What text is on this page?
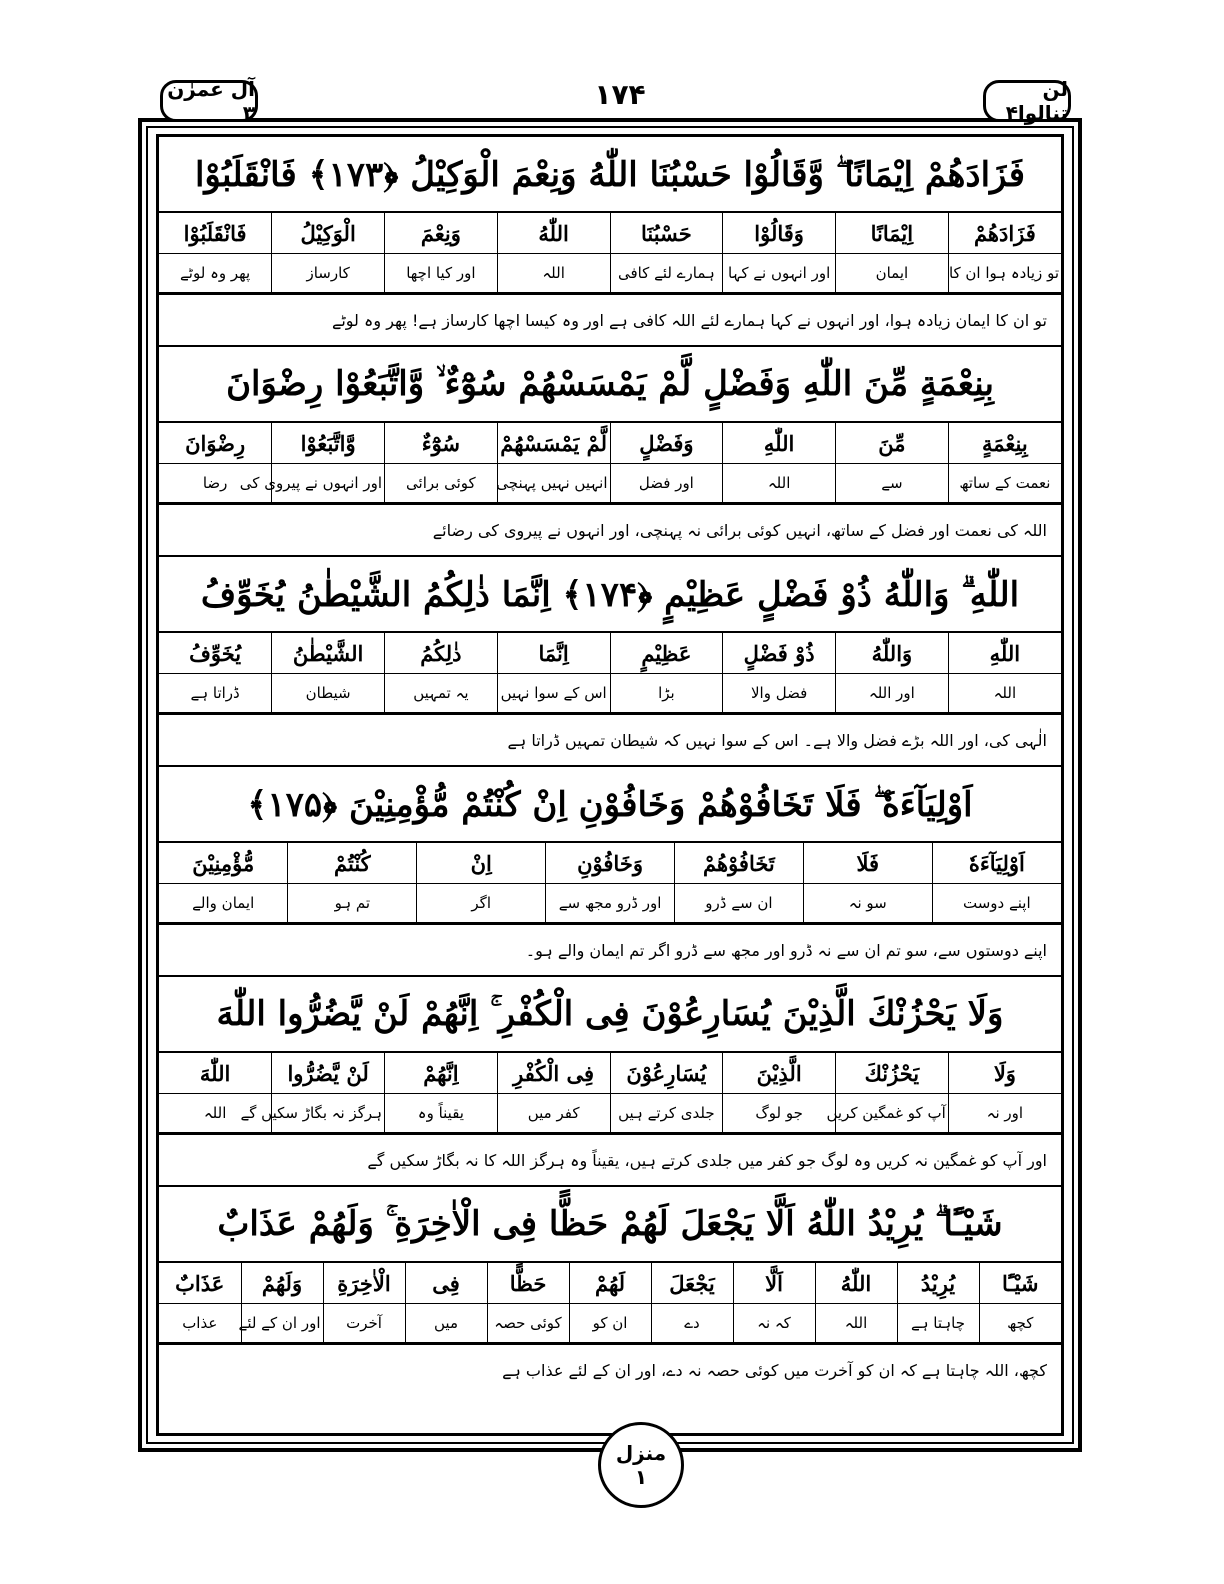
لن تنالوا۴
۱۷۴
آل عمرٰن ۳
فَزَادَهُمْ اِيْمَانًا ۖ وَّقَالُوْا حَسْبُنَا اللّٰهُ وَنِعْمَ الْوَكِيْلُ ﴿۱۷۳﴾ فَانْقَلَبُوْا
فَزَادَهُمْ	اِيْمَانًا	وَقَالُوْا	حَسْبُنَا	اللّٰهُ	وَنِعْمَ	الْوَكِيْلُ	فَانْقَلَبُوْا
تو زیادہ ہوا ان کا	ایمان	اور انہوں نے کہا	ہمارے لئے کافی	اللہ	اور کیا اچھا	کارساز	پھر وہ لوٹے
تو ان کا ایمان زیادہ ہوا، اور انہوں نے کہا ہمارے لئے اللہ کافی ہے اور وہ کیسا اچھا کارساز ہے! پھر وہ لوٹے
بِنِعْمَةٍ مِّنَ اللّٰهِ وَفَضْلٍ لَّمْ يَمْسَسْهُمْ سُوْٓءٌ ۙ وَّاتَّبَعُوْا رِضْوَانَ
بِنِعْمَةٍ	مِّنَ	اللّٰهِ	وَفَضْلٍ	لَّمْ يَمْسَسْهُمْ	سُوْٓءٌ	وَّاتَّبَعُوْا	رِضْوَانَ
نعمت کے ساتھ	سے	اللہ	اور فضل	انہیں نہیں پہنچی	کوئی برائی	اور انہوں نے پیروی کی	رضا
اللہ کی نعمت اور فضل کے ساتھ، انہیں کوئی برائی نہ پہنچی، اور انہوں نے پیروی کی رضائے
اللّٰهِ ۗ وَاللّٰهُ ذُوْ فَضْلٍ عَظِيْمٍ ﴿۱۷۴﴾ اِنَّمَا ذٰلِكُمُ الشَّيْطٰنُ يُخَوِّفُ
اللّٰهِ	وَاللّٰهُ	ذُوْ فَضْلٍ	عَظِيْمٍ	اِنَّمَا	ذٰلِكُمُ	الشَّيْطٰنُ	يُخَوِّفُ
اللہ	اور اللہ	فضل والا	بڑا	اس کے سوا نہیں	یہ تمہیں	شیطان	ڈراتا ہے
الٰہی کی، اور اللہ بڑے فضل والا ہے۔ اس کے سوا نہیں کہ شیطان تمہیں ڈراتا ہے
اَوْلِيَآءَهٗ ۖ فَلَا تَخَافُوْهُمْ وَخَافُوْنِ اِنْ كُنْتُمْ مُّؤْمِنِيْنَ ﴿۱۷۵﴾
اَوْلِيَآءَهٗ	فَلَا	تَخَافُوْهُمْ	وَخَافُوْنِ	اِنْ	كُنْتُمْ	مُّؤْمِنِيْنَ
اپنے دوست	سو نہ	ان سے ڈرو	اور ڈرو مجھ سے	اگر	تم ہو	ایمان والے
اپنے دوستوں سے، سو تم ان سے نہ ڈرو اور مجھ سے ڈرو اگر تم ایمان والے ہو۔
وَلَا يَحْزُنْكَ الَّذِيْنَ يُسَارِعُوْنَ فِى الْكُفْرِ ۚ اِنَّهُمْ لَنْ يَّضُرُّوا اللّٰهَ
وَلَا	يَحْزُنْكَ	الَّذِيْنَ	يُسَارِعُوْنَ	فِى الْكُفْرِ	اِنَّهُمْ	لَنْ يَّضُرُّوا	اللّٰهَ
اور نہ	آپ کو غمگین کریں	جو لوگ	جلدی کرتے ہیں	کفر میں	یقیناً وہ	ہرگز نہ بگاڑ سکیں گے	اللہ
اور آپ کو غمگین نہ کریں وہ لوگ جو کفر میں جلدی کرتے ہیں، یقیناً وہ ہرگز اللہ کا نہ بگاڑ سکیں گے
شَيْـًٔا ۗ يُرِيْدُ اللّٰهُ اَلَّا يَجْعَلَ لَهُمْ حَظًّا فِى الْاٰخِرَةِ ۚ وَلَهُمْ عَذَابٌ
شَيْـًٔا	يُرِيْدُ	اللّٰهُ	اَلَّا	يَجْعَلَ	لَهُمْ	حَظًّا	فِى	الْاٰخِرَةِ	وَلَهُمْ	عَذَابٌ
کچھ	چاہتا ہے	اللہ	کہ نہ	دے	ان کو	کوئی حصہ	میں	آخرت	اور ان کے لئے	عذاب
کچھ، اللہ چاہتا ہے کہ ان کو آخرت میں کوئی حصہ نہ دے، اور ان کے لئے عذاب ہے
منزل
۱
